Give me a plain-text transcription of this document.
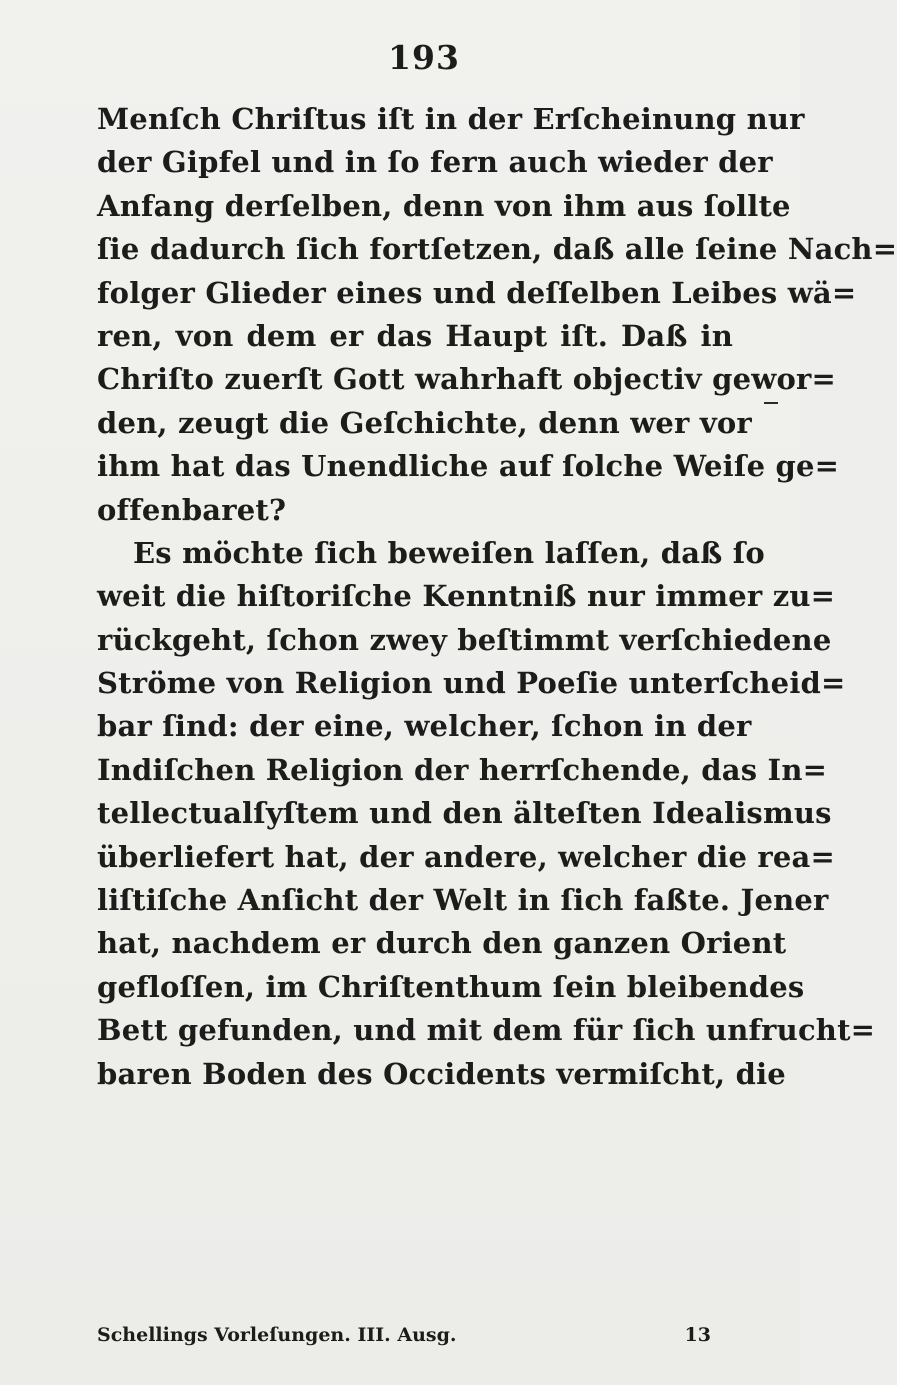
193
Menſch Chriſtus iſt in der Erſcheinung nur
der Gipfel und in ſo fern auch wieder der
Anfang derſelben, denn von ihm aus ſollte
ſie dadurch ſich fortſetzen, daß alle ſeine Nach=
folger Glieder eines und deſſelben Leibes wä=
ren, von dem er das Haupt iſt. Daß in
Chriſto zuerſt Gott wahrhaft objectiv gewor=
den, zeugt die Geſchichte, denn wer vor
ihm hat das Unendliche auf ſolche Weiſe ge=
offenbaret?
Es möchte ſich beweiſen laſſen, daß ſo
weit die hiſtoriſche Kenntniß nur immer zu=
rückgeht, ſchon zwey beſtimmt verſchiedene
Ströme von Religion und Poeſie unterſcheid=
bar ſind: der eine, welcher, ſchon in der
Indiſchen Religion der herrſchende, das In=
tellectualſyſtem und den älteſten Idealismus
überliefert hat, der andere, welcher die rea=
liſtiſche Anſicht der Welt in ſich faßte. Jener
hat, nachdem er durch den ganzen Orient
gefloſſen, im Chriſtenthum ſein bleibendes
Bett gefunden, und mit dem für ſich unfrucht=
baren Boden des Occidents vermiſcht, die
Schellings Vorleſungen. III. Ausg.	13
